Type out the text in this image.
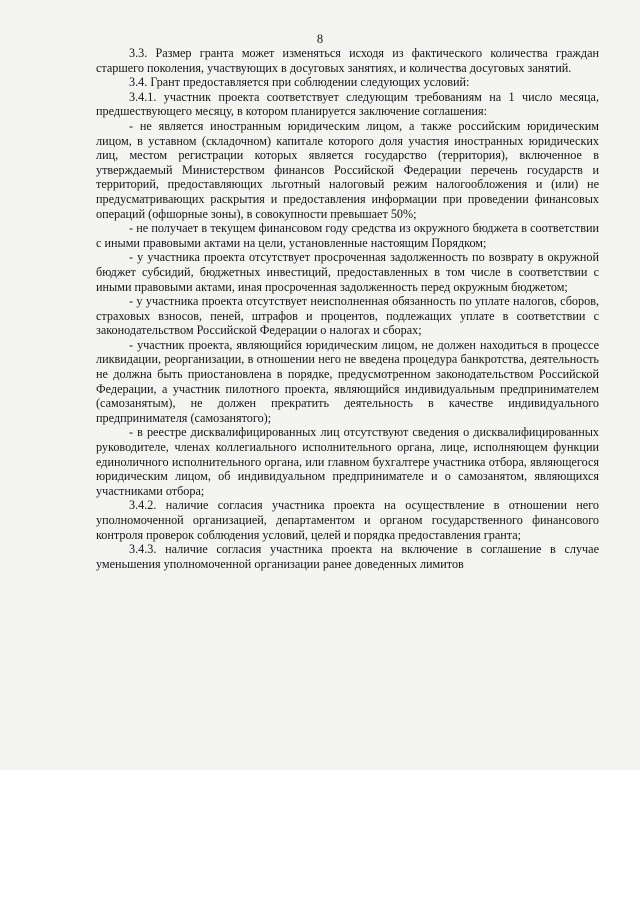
8

3.3. Размер гранта может изменяться исходя из фактического количества граждан старшего поколения, участвующих в досуговых занятиях, и количества досуговых занятий.

3.4. Грант предоставляется при соблюдении следующих условий:

3.4.1. участник проекта соответствует следующим требованиям на 1 число месяца, предшествующего месяцу, в котором планируется заключение соглашения:

- не является иностранным юридическим лицом, а также российским юридическим лицом, в уставном (складочном) капитале которого доля участия иностранных юридических лиц, местом регистрации которых является государство (территория), включенное в утверждаемый Министерством финансов Российской Федерации перечень государств и территорий, предоставляющих льготный налоговый режим налогообложения и (или) не предусматривающих раскрытия и предоставления информации при проведении финансовых операций (офшорные зоны), в совокупности превышает 50%;

- не получает в текущем финансовом году средства из окружного бюджета в соответствии с иными правовыми актами на цели, установленные настоящим Порядком;

- у участника проекта отсутствует просроченная задолженность по возврату в окружной бюджет субсидий, бюджетных инвестиций, предоставленных в том числе в соответствии с иными правовыми актами, иная просроченная задолженность перед окружным бюджетом;

- у участника проекта отсутствует неисполненная обязанность по уплате налогов, сборов, страховых взносов, пеней, штрафов и процентов, подлежащих уплате в соответствии с законодательством Российской Федерации о налогах и сборах;

- участник проекта, являющийся юридическим лицом, не должен находиться в процессе ликвидации, реорганизации, в отношении него не введена процедура банкротства, деятельность не должна быть приостановлена в порядке, предусмотренном законодательством Российской Федерации, а участник пилотного проекта, являющийся индивидуальным предпринимателем (самозанятым), не должен прекратить деятельность в качестве индивидуального предпринимателя (самозанятого);

- в реестре дисквалифицированных лиц отсутствуют сведения о дисквалифицированных руководителе, членах коллегиального исполнительного органа, лице, исполняющем функции единоличного исполнительного органа, или главном бухгалтере участника отбора, являющегося юридическим лицом, об индивидуальном предпринимателе и о самозанятом, являющихся участниками отбора;

3.4.2. наличие согласия участника проекта на осуществление в отношении него уполномоченной организацией, департаментом и органом государственного финансового контроля проверок соблюдения условий, целей и порядка предоставления гранта;

3.4.3. наличие согласия участника проекта на включение в соглашение в случае уменьшения уполномоченной организации ранее доведенных лимитов
